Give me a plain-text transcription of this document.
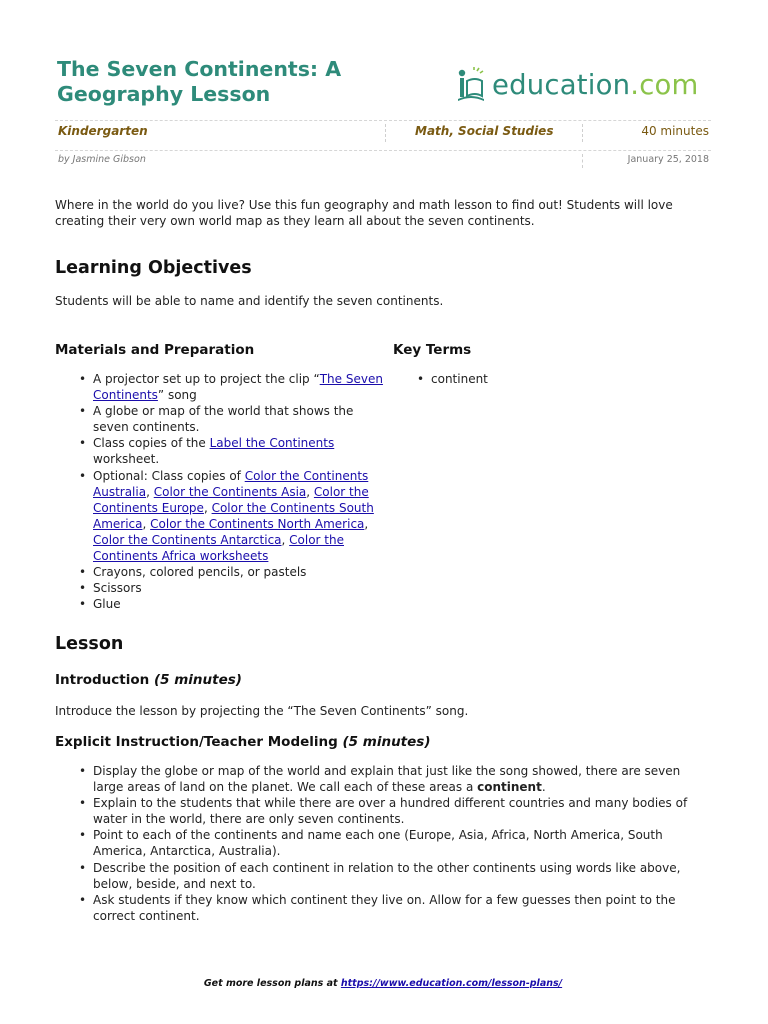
The Seven Continents: A Geography Lesson	education.com
Kindergarten	Math, Social Studies	40 minutes
by Jasmine Gibson	January 25, 2018

Where in the world do you live? Use this fun geography and math lesson to find out! Students will love creating their very own world map as they learn all about the seven continents.

Learning Objectives

Students will be able to name and identify the seven continents.

Materials and Preparation	Key Terms
• A projector set up to project the clip “The Seven Continents” song
• A globe or map of the world that shows the seven continents.
• Class copies of the Label the Continents worksheet.
• Optional: Class copies of Color the Continents Australia, Color the Continents Asia, Color the Continents Europe, Color the Continents South America, Color the Continents North America, Color the Continents Antarctica, Color the Continents Africa worksheets
• Crayons, colored pencils, or pastels
• Scissors
• Glue
• continent
Lesson
Introduction (5 minutes)

Introduce the lesson by projecting the “The Seven Continents” song.

Explicit Instruction/Teacher Modeling (5 minutes)
• Display the globe or map of the world and explain that just like the song showed, there are seven large areas of land on the planet. We call each of these areas a continent.
• Explain to the students that while there are over a hundred different countries and many bodies of water in the world, there are only seven continents.
• Point to each of the continents and name each one (Europe, Asia, Africa, North America, South America, Antarctica, Australia).
• Describe the position of each continent in relation to the other continents using words like above, below, beside, and next to.
• Ask students if they know which continent they live on. Allow for a few guesses then point to the correct continent.
Get more lesson plans at https://www.education.com/lesson-plans/
